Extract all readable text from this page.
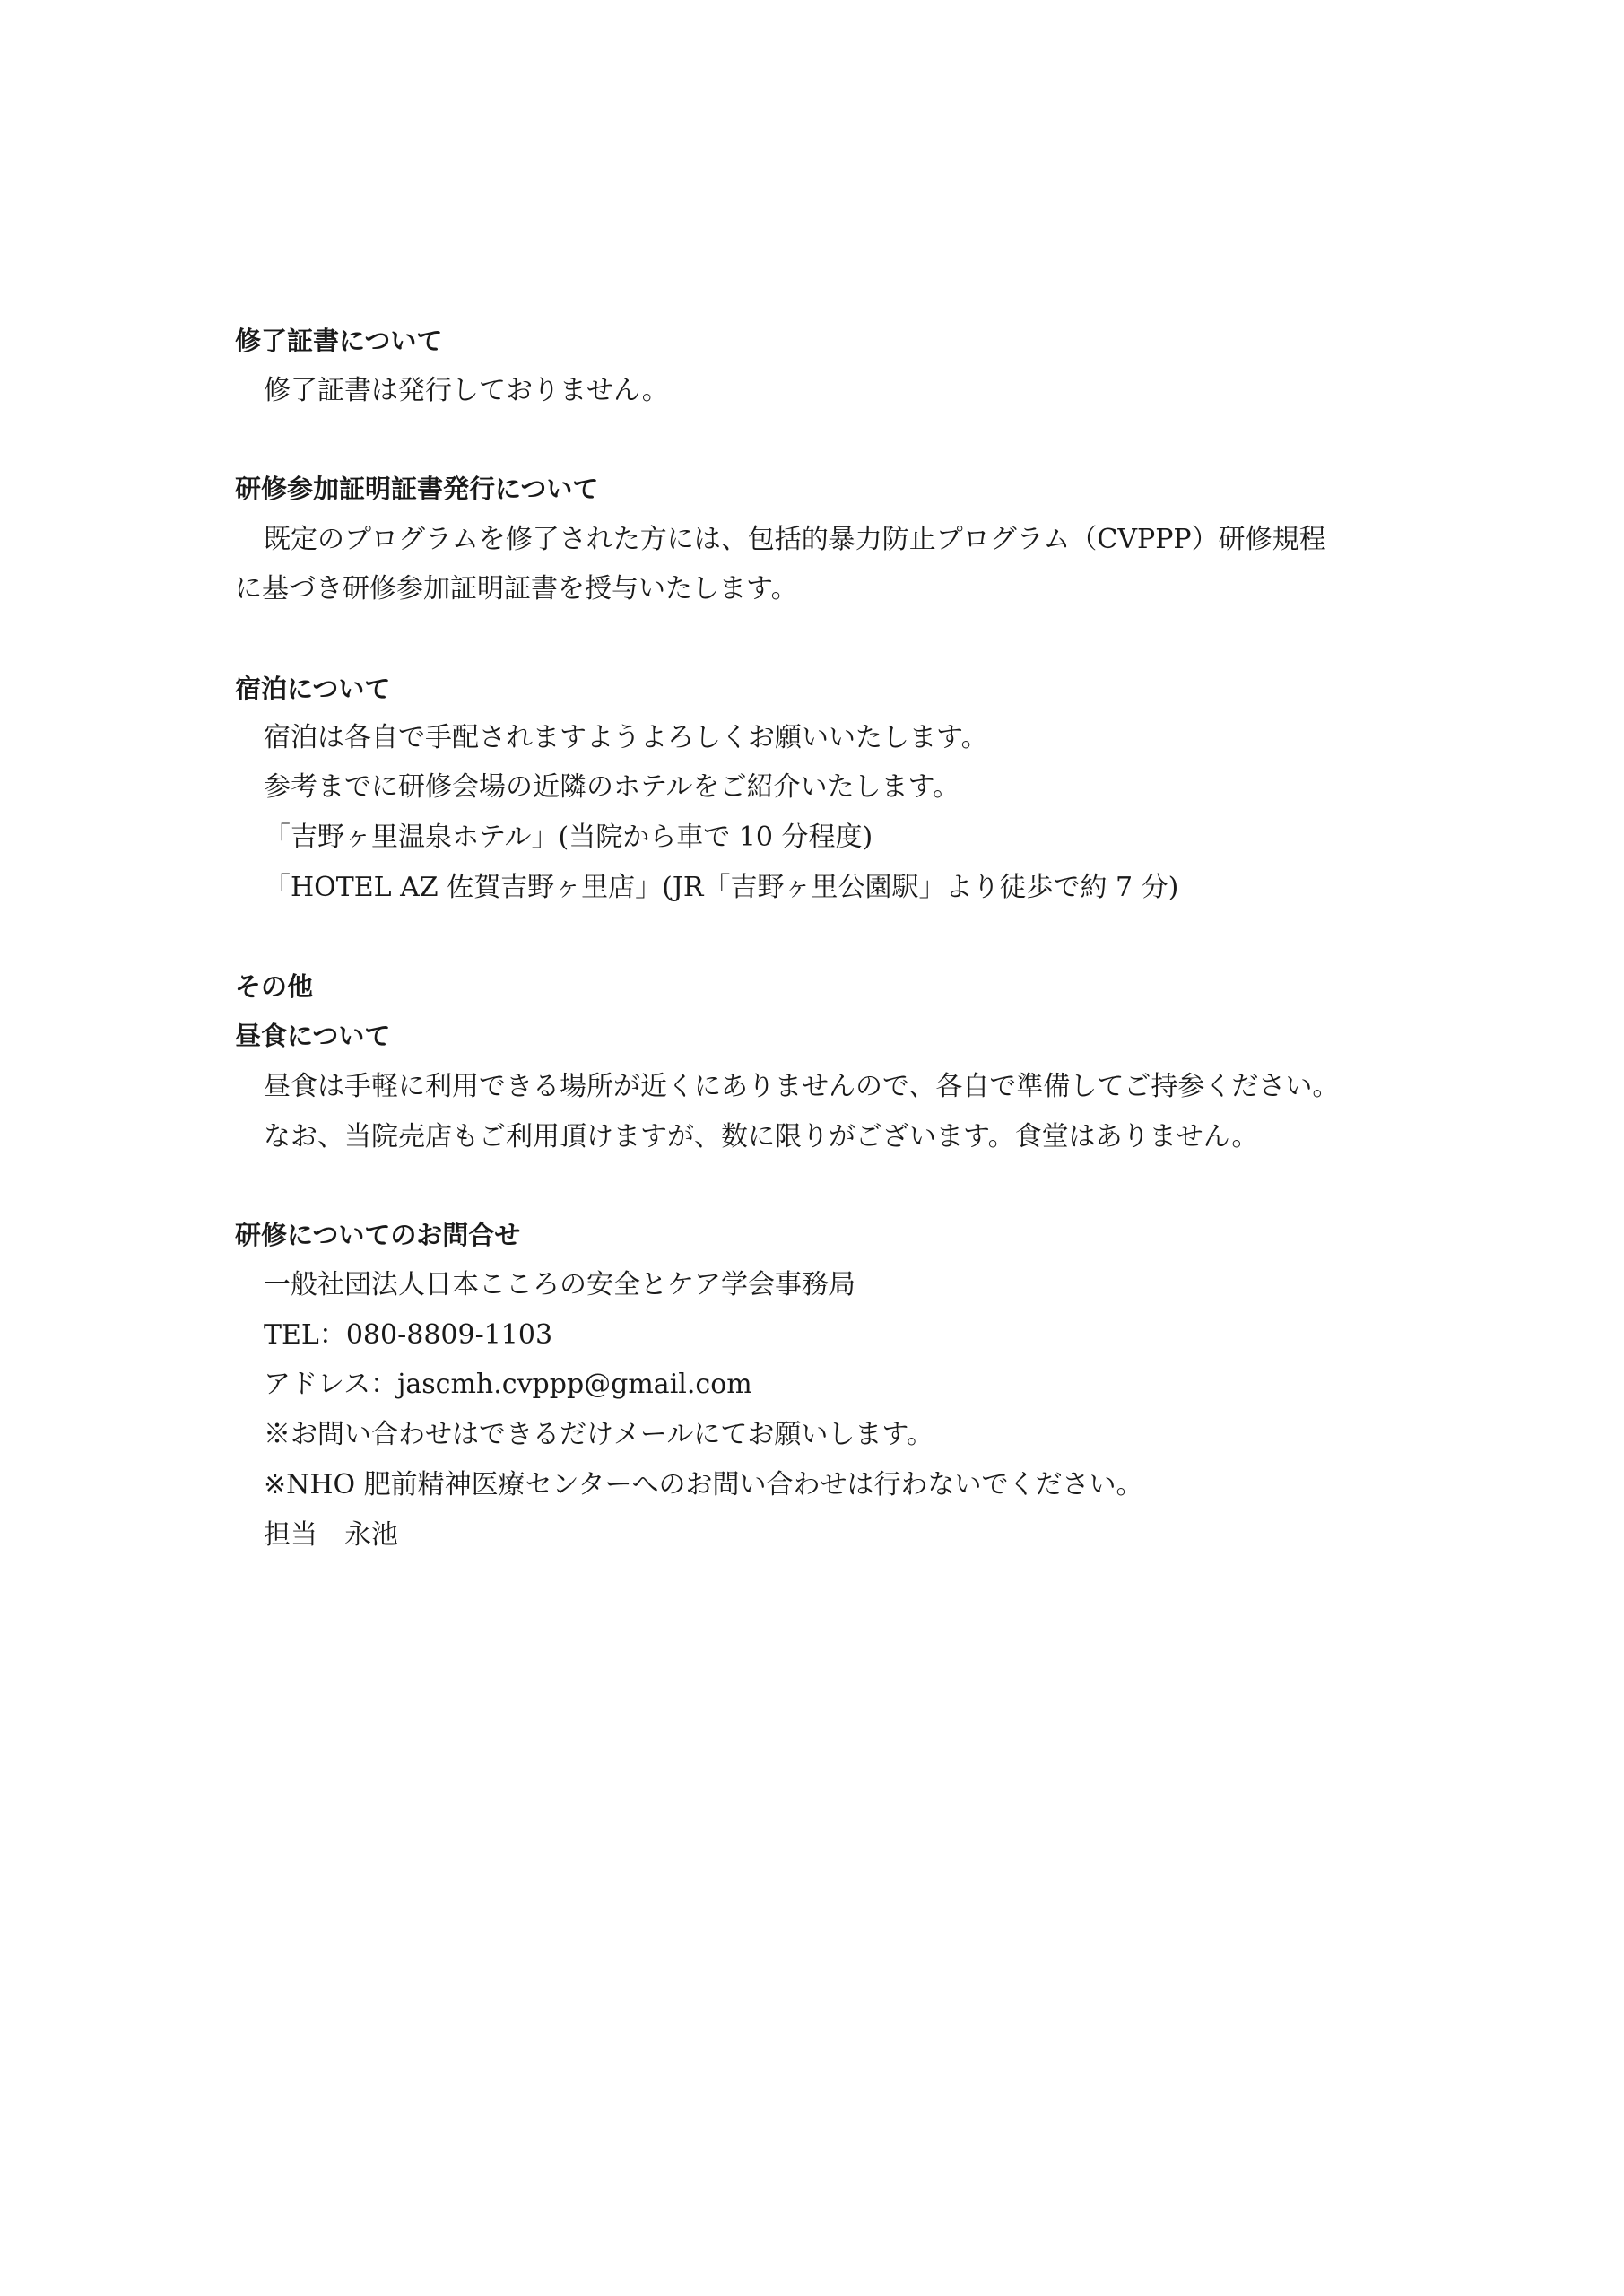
修了証書について
修了証書は発行しておりません。
研修参加証明証書発行について
既定のプログラムを修了された方には、包括的暴力防止プログラム（CVPPP）研修規程
に基づき研修参加証明証書を授与いたします。
宿泊について
宿泊は各自で手配されますようよろしくお願いいたします。
参考までに研修会場の近隣のホテルをご紹介いたします。
「吉野ヶ里温泉ホテル」(当院から車で 10 分程度)
「HOTEL AZ 佐賀吉野ヶ里店」(JR「吉野ヶ里公園駅」より徒歩で約 7 分)
その他
昼食について
昼食は手軽に利用できる場所が近くにありませんので、各自で準備してご持参ください。
なお、当院売店もご利用頂けますが、数に限りがございます。食堂はありません。
研修についてのお問合せ
一般社団法人日本こころの安全とケア学会事務局
TEL：080-8809-1103
アドレス：jascmh.cvppp@gmail.com
※お問い合わせはできるだけメールにてお願いします。
※NHO 肥前精神医療センターへのお問い合わせは行わないでください。
担当　永池
